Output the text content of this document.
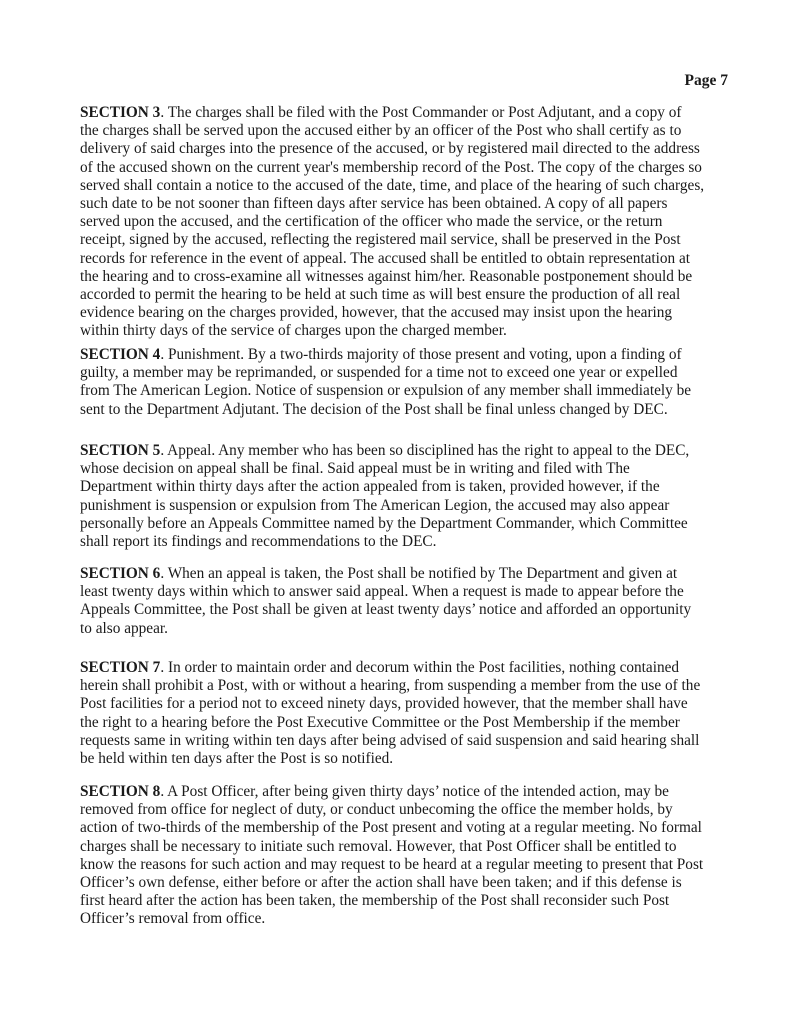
Page 7

SECTION 3. The charges shall be filed with the Post Commander or Post Adjutant, and a copy of
the charges shall be served upon the accused either by an officer of the Post who shall certify as to
delivery of said charges into the presence of the accused, or by registered mail directed to the address
of the accused shown on the current year's membership record of the Post. The copy of the charges so
served shall contain a notice to the accused of the date, time, and place of the hearing of such charges,
such date to be not sooner than fifteen days after service has been obtained. A copy of all papers
served upon the accused, and the certification of the officer who made the service, or the return
receipt, signed by the accused, reflecting the registered mail service, shall be preserved in the Post
records for reference in the event of appeal. The accused shall be entitled to obtain representation at
the hearing and to cross-examine all witnesses against him/her. Reasonable postponement should be
accorded to permit the hearing to be held at such time as will best ensure the production of all real
evidence bearing on the charges provided, however, that the accused may insist upon the hearing
within thirty days of the service of charges upon the charged member.

SECTION 4. Punishment. By a two-thirds majority of those present and voting, upon a finding of
guilty, a member may be reprimanded, or suspended for a time not to exceed one year or expelled
from The American Legion. Notice of suspension or expulsion of any member shall immediately be
sent to the Department Adjutant. The decision of the Post shall be final unless changed by DEC.

SECTION 5. Appeal. Any member who has been so disciplined has the right to appeal to the DEC,
whose decision on appeal shall be final. Said appeal must be in writing and filed with The
Department within thirty days after the action appealed from is taken, provided however, if the
punishment is suspension or expulsion from The American Legion, the accused may also appear
personally before an Appeals Committee named by the Department Commander, which Committee
shall report its findings and recommendations to the DEC.

SECTION 6. When an appeal is taken, the Post shall be notified by The Department and given at
least twenty days within which to answer said appeal. When a request is made to appear before the
Appeals Committee, the Post shall be given at least twenty days’ notice and afforded an opportunity
to also appear.

SECTION 7. In order to maintain order and decorum within the Post facilities, nothing contained
herein shall prohibit a Post, with or without a hearing, from suspending a member from the use of the
Post facilities for a period not to exceed ninety days, provided however, that the member shall have
the right to a hearing before the Post Executive Committee or the Post Membership if the member
requests same in writing within ten days after being advised of said suspension and said hearing shall
be held within ten days after the Post is so notified.

SECTION 8. A Post Officer, after being given thirty days’ notice of the intended action, may be
removed from office for neglect of duty, or conduct unbecoming the office the member holds, by
action of two-thirds of the membership of the Post present and voting at a regular meeting. No formal
charges shall be necessary to initiate such removal. However, that Post Officer shall be entitled to
know the reasons for such action and may request to be heard at a regular meeting to present that Post
Officer’s own defense, either before or after the action shall have been taken; and if this defense is
first heard after the action has been taken, the membership of the Post shall reconsider such Post
Officer’s removal from office.
